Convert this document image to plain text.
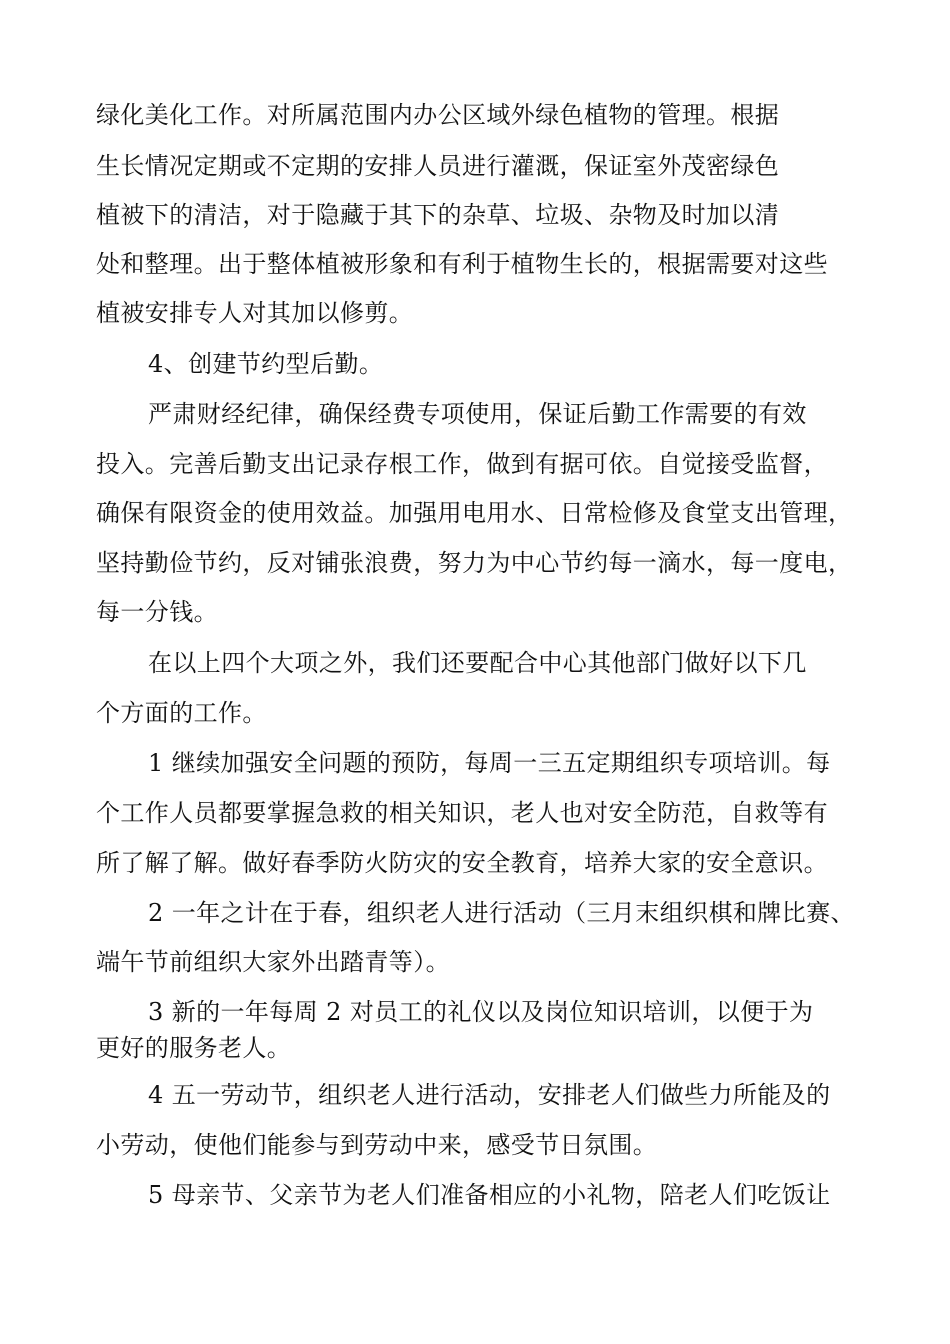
绿化美化工作。对所属范围内办公区域外绿色植物的管理。根据

生长情况定期或不定期的安排人员进行灌溉，保证室外茂密绿色

植被下的清洁，对于隐藏于其下的杂草、垃圾、杂物及时加以清

处和整理。出于整体植被形象和有利于植物生长的，根据需要对这些

植被安排专人对其加以修剪。

4、创建节约型后勤。

严肃财经纪律，确保经费专项使用，保证后勤工作需要的有效

投入。完善后勤支出记录存根工作，做到有据可依。自觉接受监督，

确保有限资金的使用效益。加强用电用水、日常检修及食堂支出管理，

坚持勤俭节约，反对铺张浪费，努力为中心节约每一滴水，每一度电，

每一分钱。

在以上四个大项之外，我们还要配合中心其他部门做好以下几

个方面的工作。

1 继续加强安全问题的预防，每周一三五定期组织专项培训。每

个工作人员都要掌握急救的相关知识，老人也对安全防范，自救等有

所了解了解。做好春季防火防灾的安全教育，培养大家的安全意识。

2 一年之计在于春，组织老人进行活动（三月末组织棋和牌比赛、

端午节前组织大家外出踏青等）。

3 新的一年每周 2 对员工的礼仪以及岗位知识培训，以便于为

更好的服务老人。

4 五一劳动节，组织老人进行活动，安排老人们做些力所能及的

小劳动，使他们能参与到劳动中来，感受节日氛围。

5 母亲节、父亲节为老人们准备相应的小礼物，陪老人们吃饭让
